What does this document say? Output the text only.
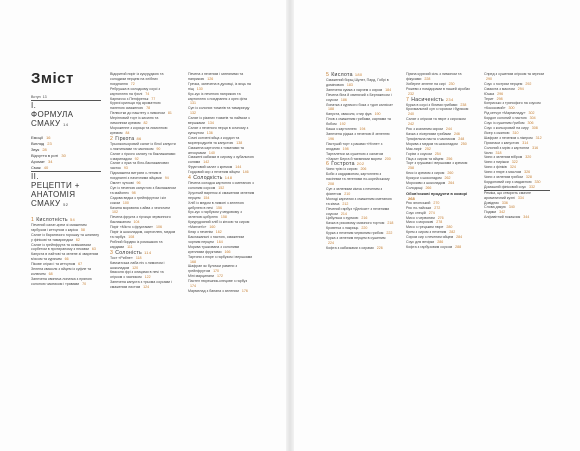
Зміст
Вступ 13
I.
ФОРМУЛА
СМАКУ 14
Емоції 16
Вигляд 23
Звук 28
Відчуття в роті 30
Аромат 34
Смак 40
II.
РЕЦЕПТИ +
АНАТОМІЯ
СМАКУ 52
1 Кислотність 54
Печений салат-крем зі смаженим гарбузом і кетчупом з каріка 58
Салат із баранячого горошку та шпинату у фінікові та тамариндом 62
Салат із грейпфрута та освіжаючим сорбетом в протираному з пекаюм 63
Капуста в лайтові та зелене зі звареним м'ясом та курячим 66
Пікове огірки і та кетчупом 67
Зелена квасоля з яйцем із суфле та колючем 68
Запечена свиняча лопатка з пряною солоною часником і травами 70
Відкритий пиріг із кукурудзою та солодким перцем на хлібних поєднання 72
Ребрушка в солодкому соусі з картоплею на ґрилі 74
Карпаччо з Пенфреньк 77
Курячі крильця під ароматною паленою смаженою 78
Пелюстки до паштету з лимоном 81
Мерінговий торт із кисилю та лимонним кремом 82
Мороженне з кориця та лимонною кремом 84
2 Гіркота 86
Трьохкольоровий салат із білої капусти з ляктинками та часником 90
Салат з гіркого салату та баклажанами з маринадом 92
Салат з лука та біло-баклажанових часток 93
Підсмажена витрати с-теним в поєднанні з пачечними яйцами 94
Омлет чуткові 96
Суп із печеною капустою з баклажаном та майонез 98
Садова ведка з грейпфрутом і кіл соком 100
Качина морквяна з айва з чесночем 102
Печена фрукта з гірчиця червонного баклажаном 104
Пиріг «Місто з фруктами» 106
Пиріг із шоколадом, картоплею, медом та гарбуз 108
Рибний бордюк із ромашкою та кардами 111
3 Солоність 114
Тост «Рибне» 118
Камчатська лаба ніч з лимоном і шоколадом 120
Квасоля фрі з олицями в печі та огірком з часником 122
Запечена капуста з трьома соусами і смаженим листям 124
Печена з печеним і затеяними та паприкою 126
Гречка, запечена в духовці, із яєць на ніщ 130
Кус-кус із печеною паприкою та картоплею з поєднання з орех фіта 131
Суп із солоних томатів та тамаринду 132
Салат із різаних томатів та лаймом з вершками 134
Салат з печеного перця в сочному з кунжутом 136
Сочні копчені яйца з кордон та морепродуктів та капустою 138
Смажена картопля з томатами та анчоусами 140
Смажені кабачки в сирому з зубальною солями 142
Фруктовий салат з кремом 144
Гордовий сир з печеним яйцем 146
4 Солодкість 148
Печена солодка картопля з сметаною з солоним соусом 152
Хрусткий варенок зі смаженим зеленим перцем 154
Хліб із медом в лимоні з зеленою цибулею в печі 156
Кус-кус з гарбузом у медовому з зеленою цибулею 158
Кукурудзяний хліб із кінзою та сиром «Манчеґо» 160
Кляр з печенім 162
Баклажаньні з пастою, смаженим чорним перцем 164
Морква тушкована з солоними креплими фруктами 166
Тартини з пюре з гарбузом і вершками 168
Шафран як булочки рамени з грейпфрутом 170
Міні марципани 172
Пастел пюрешник-клецове з гарбуз 174
Мармелад з банана з зеленим 176
5 Кислота 180
Смажений борщ Шулєт, Пард, Гобрі в доміновою 183
Запечена сумка з харчем з сиром 184
Печена біла й свинячий з Бернакесом і соусом 186
Лопатка з курячого бока з «дон калхіса» 188
Капуста, квасоля, стир фуа 190
Плов з смаженим грибами, карпами та бобом 192
Каша з картоплею 194
Запечена рідька з печеною й зеленню 196
Пастушій торт з раками «Нічне» з ягодами 198
Тарталетки за сушеною з салатом «Харм» Берга й таємними морем 200
6 Гострота 202
Чипи трію із сирою 206
Боби з кардамоном, картоплею з насінням та легенями по-корейському 208
Суп з зеленими кімча з печеним з фіатетом 210
Молоді карпатки з смаженим сметаною та кімча 212
Печений гарбуз «Делікат» з печеними соусом 214
Цибулька з хурмою 216
Качка в рисовому смачного тортом 218
Кроветка з лакриць 220
Курка з печеним червоним грибом 222
Курка з зеленим перцем в сушеним 224
Кофта з кабачками з сирами 226
Пряна курячий сіль з лимоном та фікусами 228
Хиберне зелене на сирі 230
Рожеви з помідорами в нашей сіробах 232
7 Насиченість 234
Курка в соусі з білими грибами 238
Крохмальний суп з горохом і буряком 240
Салат з огірком та пюре з сирочком 242
Рис з козлиним сиром 244
Качка з лікерними грибами 246
Трюфельна паста з часником 248
Морква з медом та шоколадом 250
Мак-пиріг 252
Горіхи з соусом 254
Піца з сиром та яйцем 256
Торт з грушами і вершками з кремом 258
Кекс із кремом з сиром 260
Кускуси з шоколадом 262
Морозиво з шоколадом 264
Солодощі 266
Обов'язкові продукти в коморі 268
Рис японський 270
Рис по-тайськи 272
Соус спецій 274
Мисо з червоним 276
Мисо з морозові 278
Мисо з грецьким пюре 280
Крем з сиром з печеним 282
Сиром сир з печеним яйцем 284
Соус для вечірки 286
Кофта з гарбузовим соусом 288
Спред з сушеним огірком та зерном 290
Соус з гострим перцем 292
Смакота з маслом 294
Юшка 296
Терит 298
Коприсько з трипофого на соусом «Кокосовий» 300
Рід кетчуп «Мармеладу» 302
Кордон солоний з пастою 304
Соус із сушеним ґрибом 306
Соус з кольоровий на сиру 308
Лікер з ожиною 310
Шафран з печеним з лікером 312
Приспаси з капустою 314
Солоний з мрію з картопли 316
Чили 318
Чипи з зеленим вібром 320
Чипи з пиріжки 322
Чипи з фініків 324
Чипи з пюре з маслом 326
Чипи з зеленим грибом 328
Кордоновий сир з мадаєною 330
Домашній фініковий соус 332
Реміка, що створить смачне ароматичний кухні 334
Довідник 336
Слова дякую 340
Подяки 342
Алфавітний покажчик 344
